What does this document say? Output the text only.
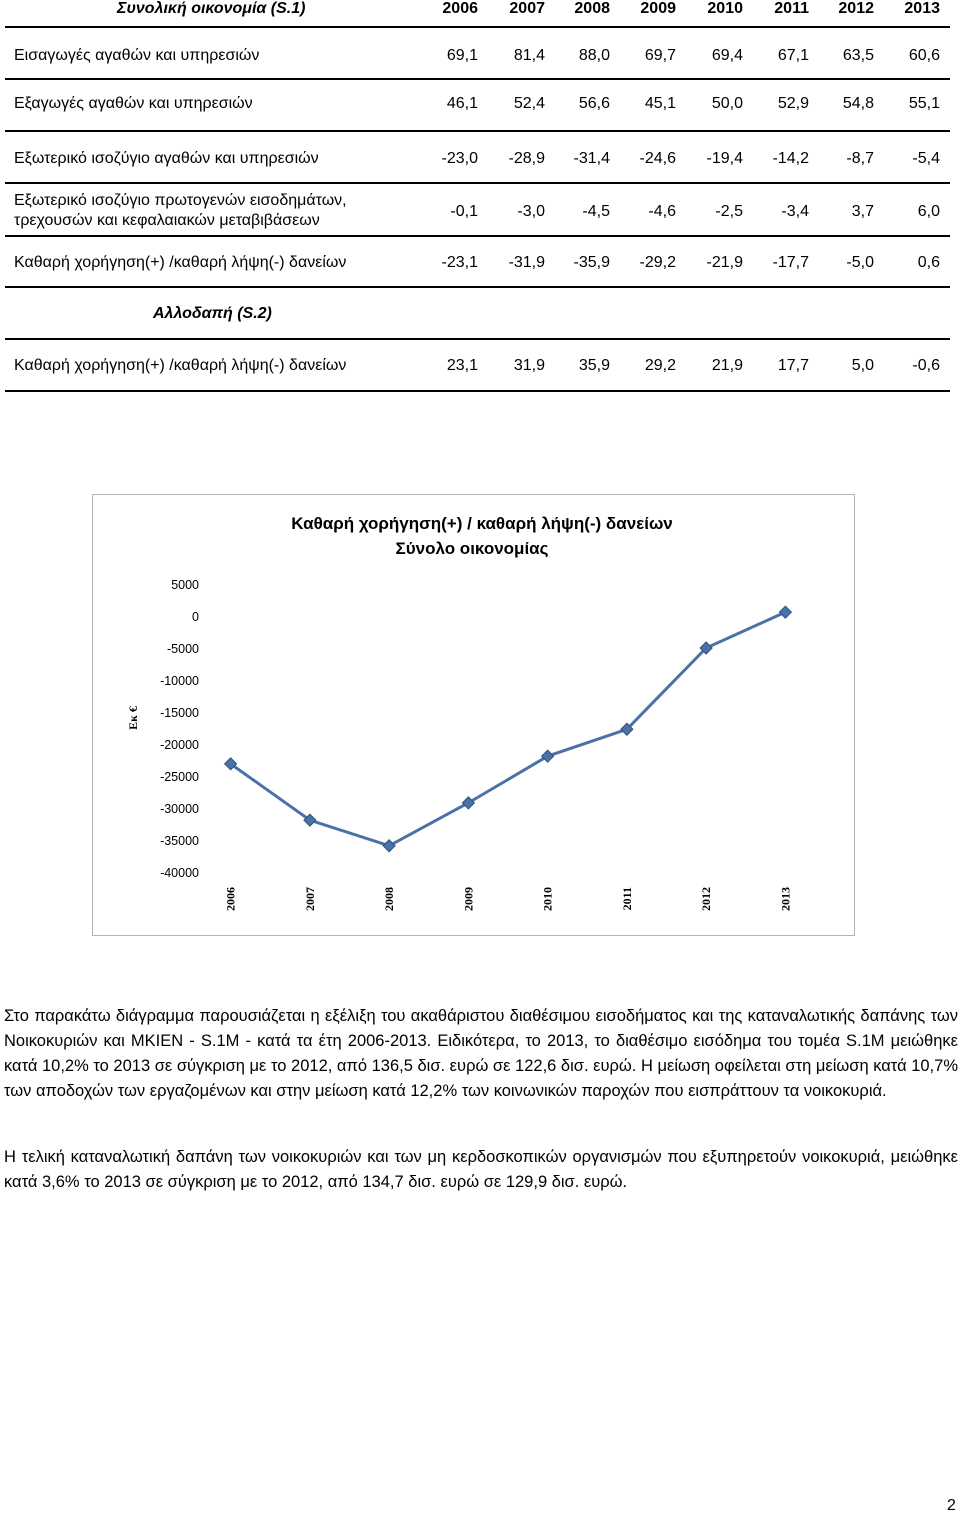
Συνολική οικονομία (S.1)	2006	2007	2008	2009	2010	2011	2012	2013
Εισαγωγές αγαθών και υπηρεσιών	69,1	81,4	88,0	69,7	69,4	67,1	63,5	60,6
Εξαγωγές αγαθών και υπηρεσιών	46,1	52,4	56,6	45,1	50,0	52,9	54,8	55,1
Εξωτερικό ισοζύγιο αγαθών και υπηρεσιών	-23,0	-28,9	-31,4	-24,6	-19,4	-14,2	-8,7	-5,4
Εξωτερικό ισοζύγιο πρωτογενών εισοδημάτων,
τρεχουσών και κεφαλαιακών μεταβιβάσεων
-0,1	-3,0	-4,5	-4,6	-2,5	-3,4	3,7	6,0
Καθαρή χορήγηση(+) /καθαρή λήψη(-) δανείων	-23,1	-31,9	-35,9	-29,2	-21,9	-17,7	-5,0	0,6
Αλλοδαπή (S.2)
Καθαρή χορήγηση(+) /καθαρή λήψη(-) δανείων	23,1	31,9	35,9	29,2	21,9	17,7	5,0	-0,6
Καθαρή χορήγηση(+) / καθαρή λήψη(-) δανείων
Σύνολο οικονομίας
5000
0
-5000
-10000
-15000
-20000
-25000
-30000
-35000
-40000
Εκ €
2006	2007	2008	2009	2010	2011	2012	2013
Στο παρακάτω διάγραμμα παρουσιάζεται η εξέλιξη του ακαθάριστου διαθέσιμου εισοδήματος και της καταναλωτικής δαπάνης των Νοικοκυριών και ΜΚΙΕΝ - S.1M - κατά τα έτη 2006-2013. Ειδικότερα, το 2013, το διαθέσιμο εισόδημα του τομέα S.1M μειώθηκε κατά 10,2% το 2013 σε σύγκριση με το 2012, από 136,5 δισ. ευρώ σε 122,6 δισ. ευρώ. Η μείωση οφείλεται στη μείωση κατά 10,7% των αποδοχών των εργαζομένων και στην μείωση κατά 12,2% των κοινωνικών παροχών που εισπράττουν τα νοικοκυριά.
Η τελική καταναλωτική δαπάνη των νοικοκυριών και των μη κερδοσκοπικών οργανισμών που εξυπηρετούν νοικοκυριά, μειώθηκε κατά 3,6% το 2013 σε σύγκριση με το 2012, από 134,7 δισ. ευρώ σε 129,9 δισ. ευρώ.
2
